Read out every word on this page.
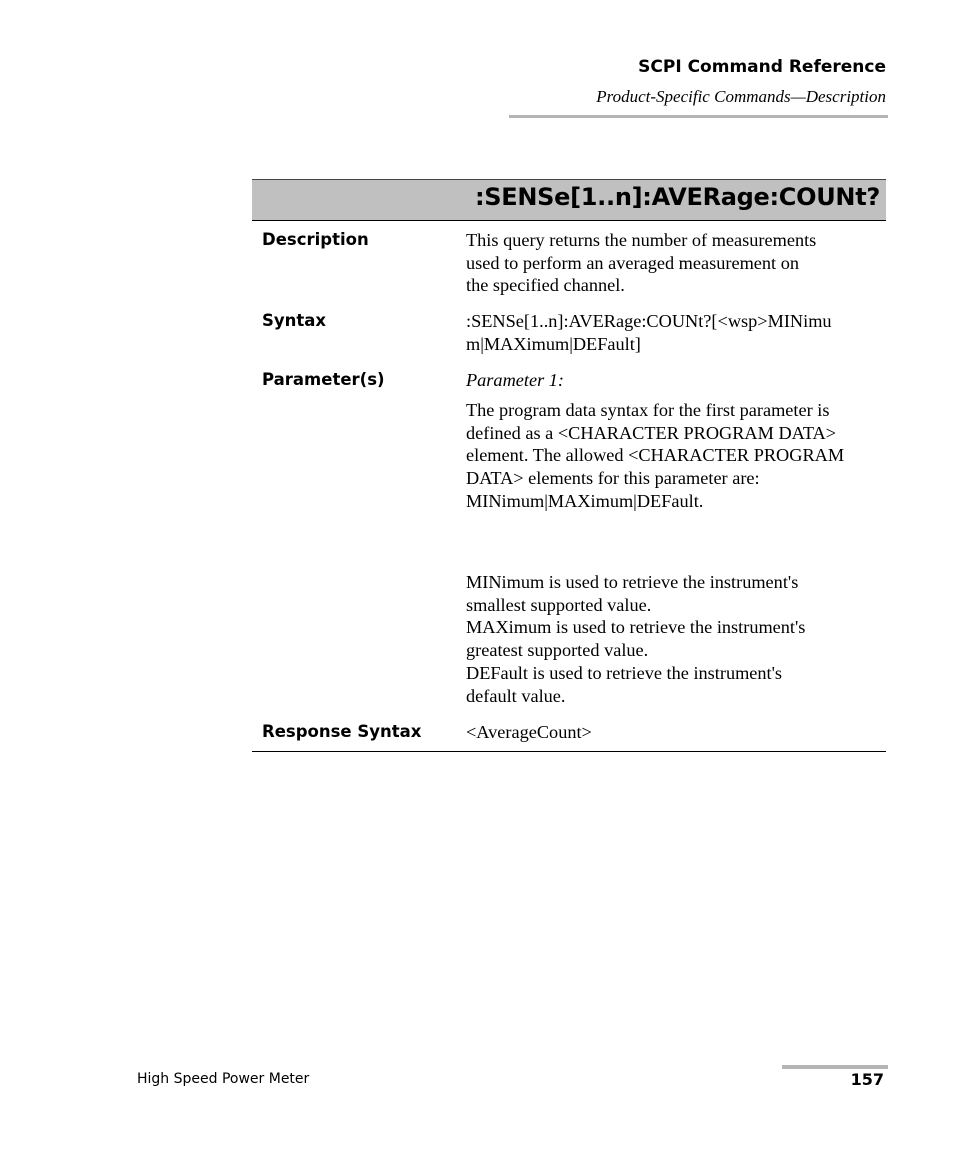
SCPI Command Reference
Product-Specific Commands—Description
:SENSe[1..n]:AVERage:COUNt?
Description	This query returns the number of measurements
used to perform an averaged measurement on
the specified channel.
Syntax	:SENSe[1..n]:AVERage:COUNt?[<wsp>MINimu
m|MAXimum|DEFault]
Parameter(s)	Parameter 1:
The program data syntax for the first parameter is
defined as a <CHARACTER PROGRAM DATA>
element. The allowed <CHARACTER PROGRAM
DATA> elements for this parameter are:
MINimum|MAXimum|DEFault.
MINimum is used to retrieve the instrument's
smallest supported value.
MAXimum is used to retrieve the instrument's
greatest supported value.
DEFault is used to retrieve the instrument's
default value.
Response Syntax <AverageCount>
High Speed Power Meter	157
